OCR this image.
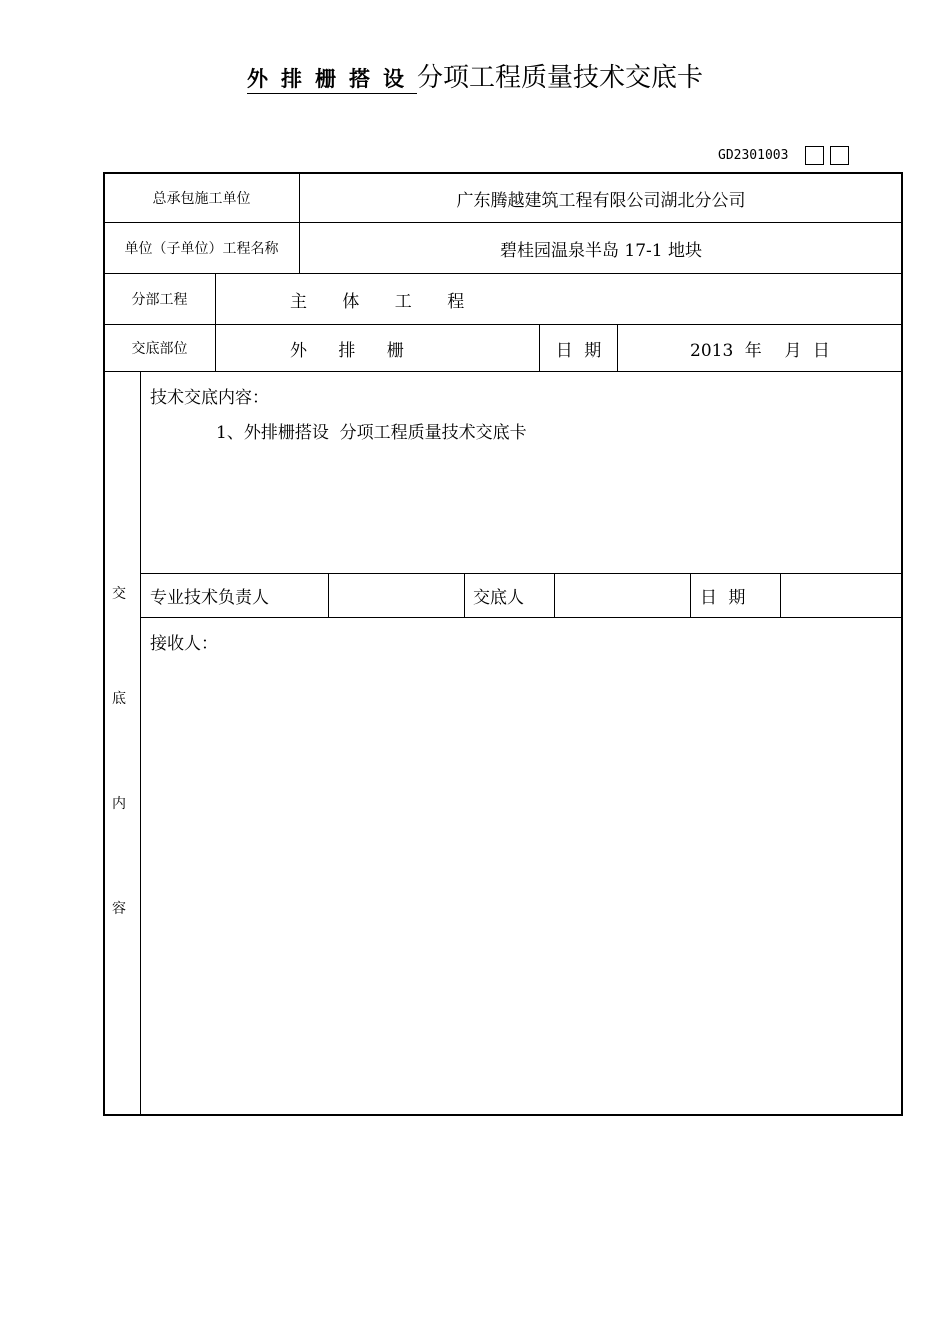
外排栅搭设分项工程质量技术交底卡
GD2301003
总承包施工单位	广东腾越建筑工程有限公司湖北分公司
单位（子单位）工程名称	碧桂园温泉半岛 17-1 地块
分部工程	主 体 工 程
交底部位	外 排 栅	日 期	2013 年  月 日
交
底
内
容
技术交底内容：
1、外排栅搭设  分项工程质量技术交底卡
专业技术负责人	交底人	日 期
接收人：
